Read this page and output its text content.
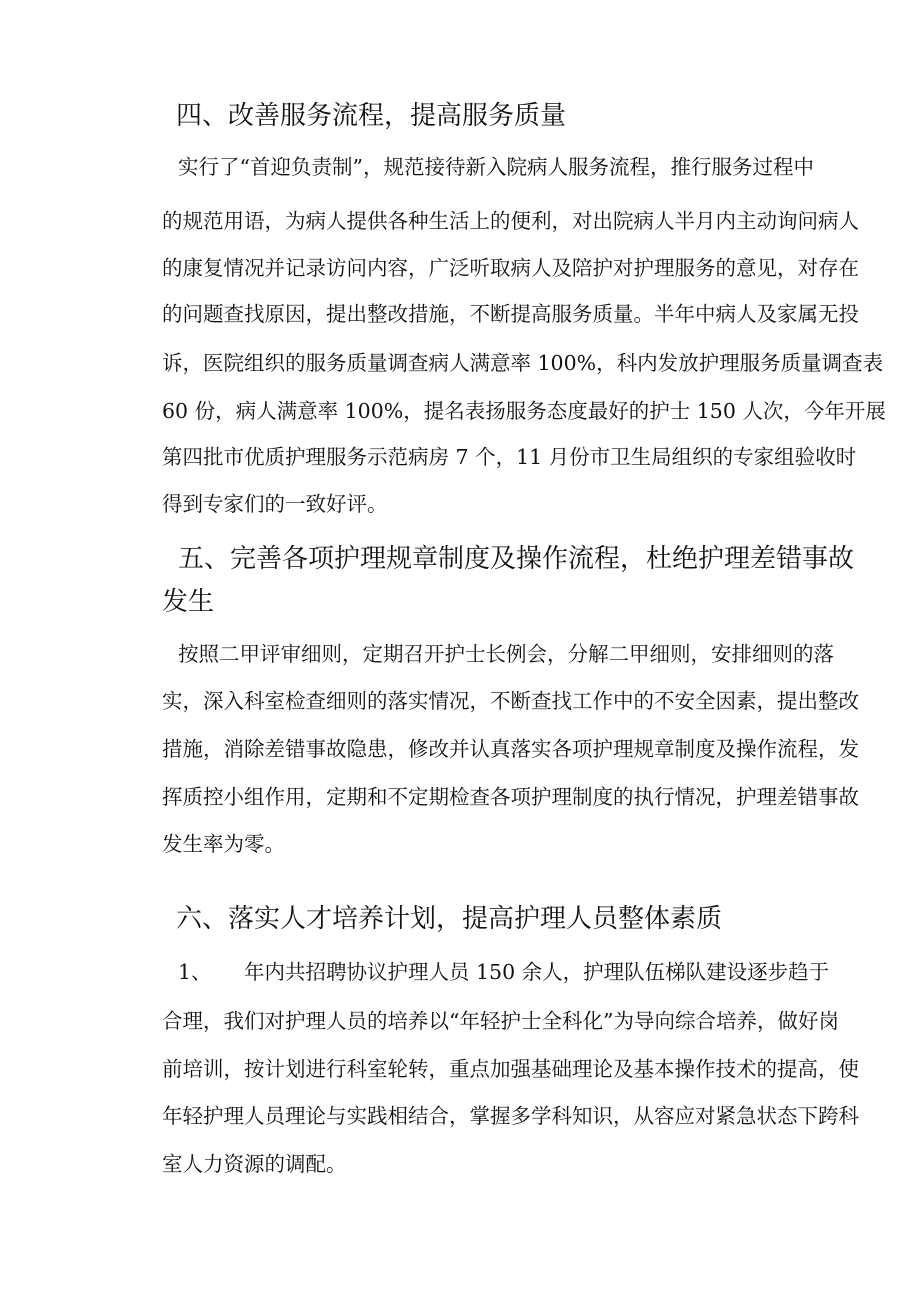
四、改善服务流程，提高服务质量

实行了“首迎负责制”，规范接待新入院病人服务流程，推行服务过程中

的规范用语，为病人提供各种生活上的便利，对出院病人半月内主动询问病人

的康复情况并记录访问内容，广泛听取病人及陪护对护理服务的意见，对存在

的问题查找原因，提出整改措施，不断提高服务质量。半年中病人及家属无投

诉，医院组织的服务质量调查病人满意率 100%，科内发放护理服务质量调查表

60 份，病人满意率 100%，提名表扬服务态度最好的护士 150 人次，今年开展

第四批市优质护理服务示范病房 7 个，11 月份市卫生局组织的专家组验收时

得到专家们的一致好评。

五、完善各项护理规章制度及操作流程，杜绝护理差错事故
发生

按照二甲评审细则，定期召开护士长例会，分解二甲细则，安排细则的落

实，深入科室检查细则的落实情况，不断查找工作中的不安全因素，提出整改

措施，消除差错事故隐患，修改并认真落实各项护理规章制度及操作流程，发

挥质控小组作用，定期和不定期检查各项护理制度的执行情况，护理差错事故

发生率为零。

六、落实人才培养计划，提高护理人员整体素质

1、 年内共招聘协议护理人员 150 余人，护理队伍梯队建设逐步趋于

合理，我们对护理人员的培养以“年轻护士全科化”为导向综合培养，做好岗

前培训，按计划进行科室轮转，重点加强基础理论及基本操作技术的提高，使

年轻护理人员理论与实践相结合，掌握多学科知识，从容应对紧急状态下跨科

室人力资源的调配。
